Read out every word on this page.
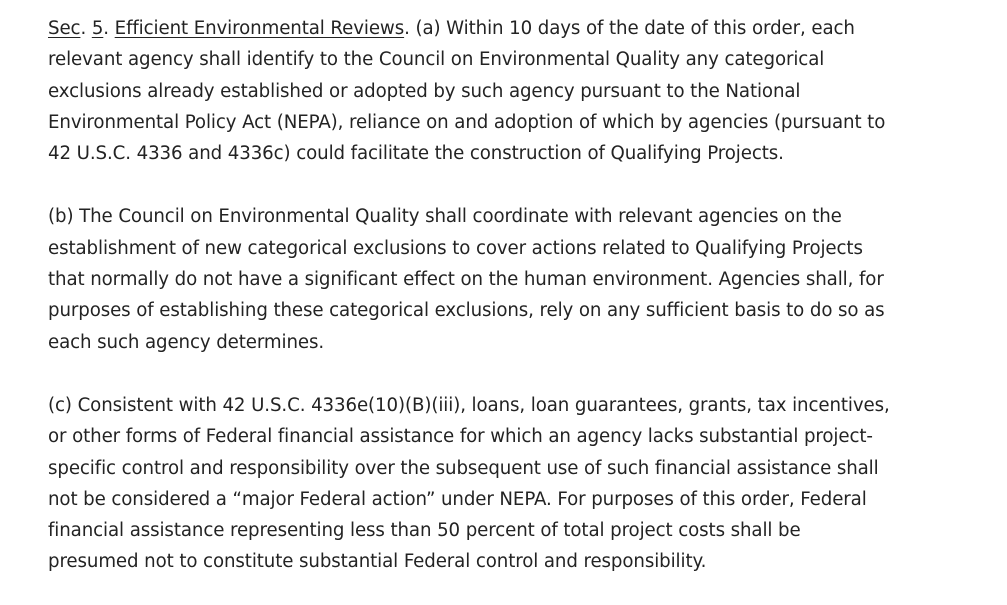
Sec. 5. Efficient Environmental Reviews. (a) Within 10 days of the date of this order, each
relevant agency shall identify to the Council on Environmental Quality any categorical
exclusions already established or adopted by such agency pursuant to the National
Environmental Policy Act (NEPA), reliance on and adoption of which by agencies (pursuant to
42 U.S.C. 4336 and 4336c) could facilitate the construction of Qualifying Projects.

(b) The Council on Environmental Quality shall coordinate with relevant agencies on the
establishment of new categorical exclusions to cover actions related to Qualifying Projects
that normally do not have a significant effect on the human environment. Agencies shall, for
purposes of establishing these categorical exclusions, rely on any sufficient basis to do so as
each such agency determines.

(c) Consistent with 42 U.S.C. 4336e(10)(B)(iii), loans, loan guarantees, grants, tax incentives,
or other forms of Federal financial assistance for which an agency lacks substantial project-
specific control and responsibility over the subsequent use of such financial assistance shall
not be considered a “major Federal action” under NEPA. For purposes of this order, Federal
financial assistance representing less than 50 percent of total project costs shall be
presumed not to constitute substantial Federal control and responsibility.
